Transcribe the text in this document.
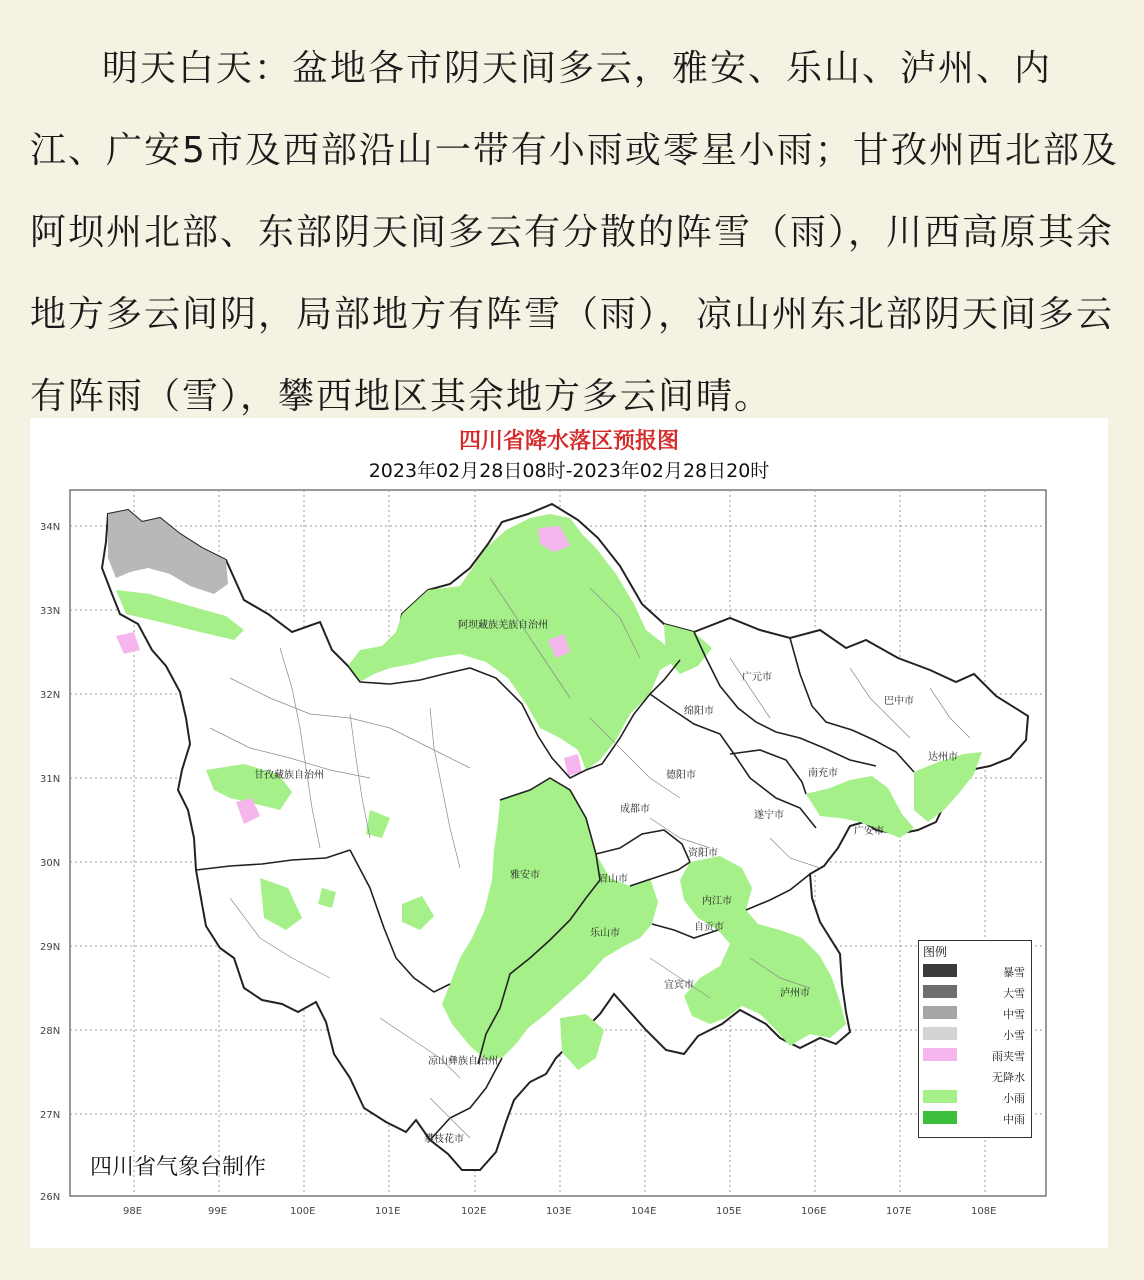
明天白天：盆地各市阴天间多云，雅安、乐山、泸州、内江、广安5市及西部沿山一带有小雨或零星小雨；甘孜州西北部及阿坝州北部、东部阴天间多云有分散的阵雪（雨），川西高原其余地方多云间阴，局部地方有阵雪（雨），凉山州东北部阴天间多云有阵雨（雪），攀西地区其余地方多云间晴。

34N
33N
32N
31N
30N
29N
28N
27N
26N
98E	99E	100E	101E	102E	103E	104E	105E	106E	107E	108E
阿坝藏族羌族自治州
甘孜藏族自治州
凉山彝族自治州
广元市
巴中市
绵阳市
达州市
德阳市	南充市
成都市
遂宁市
广安市
资阳市
雅安市	眉山市
内江市
乐山市
自贡市
宜宾市
泸州市
攀枝花市
四川省降水落区预报图
2023年02月28日08时-2023年02月28日20时
四川省气象台制作
图例
暴雪
大雪
中雪
小雪
雨夹雪
无降水
小雨
中雨
